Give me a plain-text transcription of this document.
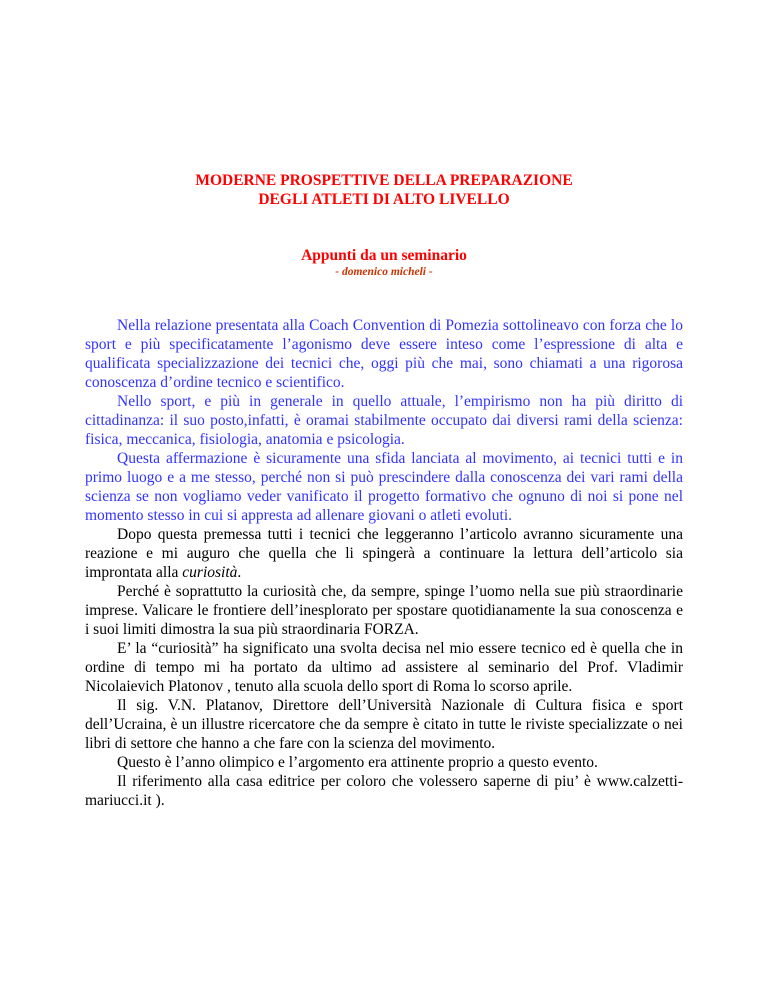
MODERNE PROSPETTIVE DELLA PREPARAZIONE
DEGLI ATLETI DI ALTO LIVELLO
Appunti da un seminario
- domenico micheli -

Nella relazione presentata alla Coach Convention di Pomezia sottolineavo con forza che lo sport e più specificatamente l’agonismo deve essere inteso come l’espressione di alta e qualificata specializzazione dei tecnici che, oggi più che mai, sono chiamati a una rigorosa conoscenza d’ordine tecnico e scientifico.

Nello sport, e più in generale in quello attuale, l’empirismo non ha più diritto di cittadinanza: il suo posto,infatti, è oramai stabilmente occupato dai diversi rami della scienza: fisica, meccanica, fisiologia, anatomia e psicologia.

Questa affermazione è sicuramente una sfida lanciata al movimento, ai tecnici tutti e in primo luogo e a me stesso, perché non si può prescindere dalla conoscenza dei vari rami della scienza se non vogliamo veder vanificato il progetto formativo che ognuno di noi si pone nel momento stesso in cui si appresta ad allenare giovani o atleti evoluti.

Dopo questa premessa tutti i tecnici che leggeranno l’articolo avranno sicuramente una reazione e mi auguro che quella che li spingerà a continuare la lettura dell’articolo sia improntata alla curiosità.

Perché è soprattutto la curiosità che, da sempre, spinge l’uomo nella sue più straordinarie imprese. Valicare le frontiere dell’inesplorato per spostare quotidianamente la sua conoscenza e i suoi limiti dimostra la sua più straordinaria FORZA.

E’ la “curiosità” ha significato una svolta decisa nel mio essere tecnico ed è quella che in ordine di tempo mi ha portato da ultimo ad assistere al seminario del Prof. Vladimir Nicolaievich Platonov , tenuto alla scuola dello sport di Roma lo scorso aprile.

Il sig. V.N. Platanov, Direttore dell’Università Nazionale di Cultura fisica e sport dell’Ucraina, è un illustre ricercatore che da sempre è citato in tutte le riviste specializzate o nei libri di settore che hanno a che fare con la scienza del movimento.

Questo è l’anno olimpico e l’argomento era attinente proprio a questo evento.

Il riferimento alla casa editrice per coloro che volessero saperne di piu’ è www.calzetti-mariucci.it ).
